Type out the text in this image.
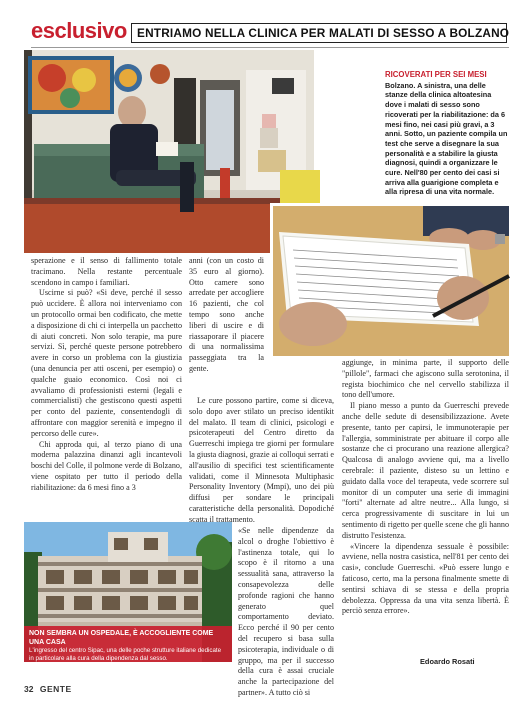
esclusivo ENTRIAMO NELLA CLINICA PER MALATI DI SESSO A BOLZANO
RICOVERATI PER SEI MESI
Bolzano. A sinistra, una delle stanze della clinica altoatesina dove i malati di sesso sono ricoverati per la riabilitazione: da 6 mesi fino, nei casi più gravi, a 3 anni. Sotto, un paziente compila un test che serve a disegnare la sua personalità e a stabilire la giusta diagnosi, quindi a organizzare le cure. Nell'80 per cento dei casi si arriva alla guarigione completa e alla ripresa di una vita normale.
NON SEMBRA UN OSPEDALE, È ACCOGLIENTE COME UNA CASA
L'ingresso del centro Sipac, una delle poche strutture italiane dedicate in particolare alla cura della dipendenza dal sesso.

sperazione e il senso di fallimento totale tracimano. Nella restante percentuale scendono in campo i familiari.

Uscirne si può? «Si deve, perché il sesso può uccidere. È allora noi interveniamo con un protocollo ormai ben codificato, che mette a disposizione di chi ci interpella un pacchetto di aiuti concreti. Non solo terapie, ma pure servizi. Sì, perché queste persone potrebbero avere in corso un problema con la giustizia (una denuncia per atti osceni, per esempio) o qualche guaio economico. Così noi ci avvaliamo di professionisti esterni (legali e commercialisti) che gestiscono questi aspetti per conto del paziente, consentendogli di affrontare con maggior serenità e impegno il percorso delle cure».

Chi approda qui, al terzo piano di una moderna palazzina dinanzi agli incantevoli boschi del Colle, il polmone verde di Bolzano, viene ospitato per tutto il periodo della riabilitazione: da 6 mesi fino a 3

anni (con un costo di 35 euro al giorno). Otto camere sono arredate per accogliere 16 pazienti, che col tempo sono anche liberi di uscire e di riassaporare il piacere di una normalissima passeggiata tra la gente.

Le cure possono partire, come si diceva, solo dopo aver stilato un preciso identikit del malato. Il team di clinici, psicologi e psicoterapeuti del Centro diretto da Guerreschi impiega tre giorni per formulare la giusta diagnosi, grazie ai colloqui serrati e all'ausilio di specifici test scientificamente validati, come il Minnesota Multiphasic Personality Inventory (Mmpi), uno dei più diffusi per sondare le principali caratteristiche della personalità. Dopodiché scatta il trattamento.

«Se nelle dipendenze da alcol o droghe l'obiettivo è l'astinenza totale, qui lo scopo è il ritorno a una sessualità sana, attraverso la consapevolezza delle profonde ragioni che hanno generato quel comportamento deviato. Ecco perché il 90 per cento del recupero si basa sulla psicoterapia, individuale o di gruppo, ma per il successo della cura è assai cruciale anche la partecipazione del partner». A tutto ciò si

aggiunge, in minima parte, il supporto delle "pillole", farmaci che agiscono sulla serotonina, il regista biochimico che nel cervello stabilizza il tono dell'umore.

Il piano messo a punto da Guerreschi prevede anche delle sedute di desensibilizzazione. Avete presente, tanto per capirsi, le immunoterapie per l'allergia, somministrate per abituare il corpo alle sostanze che ci procurano una reazione allergica? Qualcosa di analogo avviene qui, ma a livello cerebrale: il paziente, disteso su un lettino e guidato dalla voce del terapeuta, vede scorrere sul monitor di un computer una serie di immagini "forti" alternate ad altre neutre... Alla lungo, si cerca progressivamente di suscitare in lui un sentimento di rigetto per quelle scene che gli hanno distrutto l'esistenza.

«Vincere la dipendenza sessuale è possibile: avviene, nella nostra casistica, nell'81 per cento dei casi», conclude Guerreschi. «Può essere lungo e faticoso, certo, ma la persona finalmente smette di sentirsi schiava di se stessa e della propria debolezza. Oppressa da una vita senza libertà. È perciò senza errore».

Edoardo Rosati
32 GENTE
